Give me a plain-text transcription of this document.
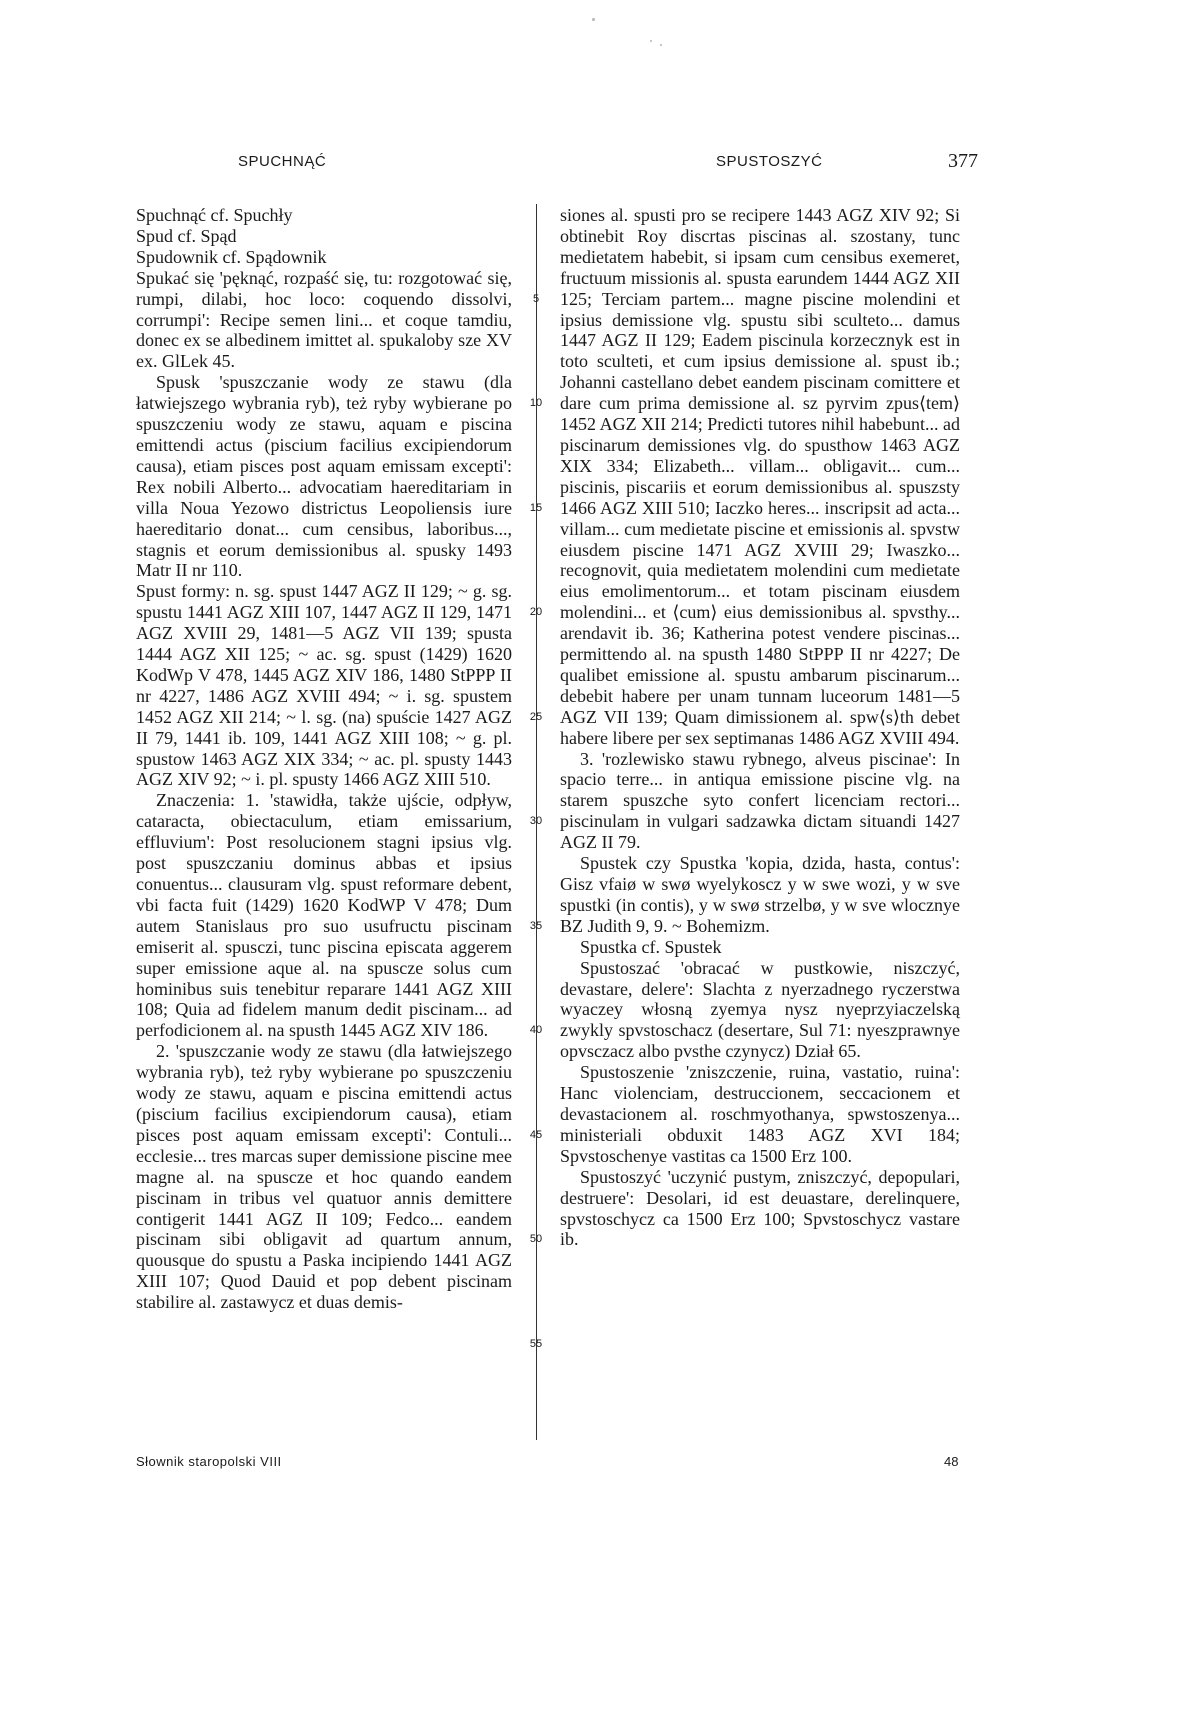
SPUCHNĄĆ	SPUSTOSZYĆ	377

Spuchnąć cf. Spuchły

Spud cf. Spąd

Spudownik cf. Spądownik

Spukać się 'pęknąć, rozpaść się, tu: rozgotować się, rumpi, dilabi, hoc loco: coquendo dissolvi, corrumpi': Recipe semen lini... et coque tamdiu, donec ex se albedinem imittet al. spukaloby sze XV ex. GlLek 45.

Spusk 'spuszczanie wody ze stawu (dla łatwiejszego wybrania ryb), też ryby wybierane po spuszczeniu wody ze stawu, aquam e piscina emittendi actus (piscium facilius excipiendorum causa), etiam pisces post aquam emissam excepti': Rex nobili Alberto... advocatiam haereditariam in villa Noua Yezowo districtus Leopoliensis iure haereditario donat... cum censibus, laboribus..., stagnis et eorum demissionibus al. spusky 1493 Matr II nr 110.

Spust formy: n. sg. spust 1447 AGZ II 129; ~ g. sg. spustu 1441 AGZ XIII 107, 1447 AGZ II 129, 1471 AGZ XVIII 29, 1481—5 AGZ VII 139; spusta 1444 AGZ XII 125; ~ ac. sg. spust (1429) 1620 KodWp V 478, 1445 AGZ XIV 186, 1480 StPPP II nr 4227, 1486 AGZ XVIII 494; ~ i. sg. spustem 1452 AGZ XII 214; ~ l. sg. (na) spuście 1427 AGZ II 79, 1441 ib. 109, 1441 AGZ XIII 108; ~ g. pl. spustow 1463 AGZ XIX 334; ~ ac. pl. spusty 1443 AGZ XIV 92; ~ i. pl. spusty 1466 AGZ XIII 510.

Znaczenia: 1. 'stawidła, także ujście, odpływ, cataracta, obiectaculum, etiam emissarium, effluvium': Post resolucionem stagni ipsius vlg. post spuszczaniu dominus abbas et ipsius conuentus... clausuram vlg. spust reformare debent, vbi facta fuit (1429) 1620 KodWP V 478; Dum autem Stanislaus pro suo usufructu piscinam emiserit al. spusczi, tunc piscina episcata aggerem super emissione aque al. na spuscze solus cum hominibus suis tenebitur reparare 1441 AGZ XIII 108; Quia ad fidelem manum dedit piscinam... ad perfodicionem al. na spusth 1445 AGZ XIV 186.

2. 'spuszczanie wody ze stawu (dla łatwiejszego wybrania ryb), też ryby wybierane po spuszczeniu wody ze stawu, aquam e piscina emittendi actus (piscium facilius excipiendorum causa), etiam pisces post aquam emissam excepti': Contuli... ecclesie... tres marcas super demissione piscine mee magne al. na spuscze et hoc quando eandem piscinam in tribus vel quatuor annis demittere contigerit 1441 AGZ II 109; Fedco... eandem piscinam sibi obligavit ad quartum annum, quousque do spustu a Paska incipiendo 1441 AGZ XIII 107; Quod Dauid et pop debent piscinam stabilire al. zastawycz et duas demis-

5
10
15
20
25
30
35
40
45
50
55

siones al. spusti pro se recipere 1443 AGZ XIV 92; Si obtinebit Roy discrtas piscinas al. szostany, tunc medietatem habebit, si ipsam cum censibus exemeret, fructuum missionis al. spusta earundem 1444 AGZ XII 125; Terciam partem... magne piscine molendini et ipsius demissione vlg. spustu sibi sculteto... damus 1447 AGZ II 129; Eadem piscinula korzecznyk est in toto sculteti, et cum ipsius demissione al. spust ib.; Johanni castellano debet eandem piscinam comittere et dare cum prima demissione al. sz pyrvim zpus⟨tem⟩ 1452 AGZ XII 214; Predicti tutores nihil habebunt... ad piscinarum demissiones vlg. do spusthow 1463 AGZ XIX 334; Elizabeth... villam... obligavit... cum... piscinis, piscariis et eorum demissionibus al. spuszsty 1466 AGZ XIII 510; Iaczko heres... inscripsit ad acta... villam... cum medietate piscine et emissionis al. spvstw eiusdem piscine 1471 AGZ XVIII 29; Iwaszko... recognovit, quia medietatem molendini cum medietate eius emolimentorum... et totam piscinam eiusdem molendini... et ⟨cum⟩ eius demissionibus al. spvsthy... arendavit ib. 36; Katherina potest vendere piscinas... permittendo al. na spusth 1480 StPPP II nr 4227; De qualibet emissione al. spustu ambarum piscinarum... debebit habere per unam tunnam luceorum 1481—5 AGZ VII 139; Quam dimissionem al. spw⟨s⟩th debet habere libere per sex septimanas 1486 AGZ XVIII 494.

3. 'rozlewisko stawu rybnego, alveus piscinae': In spacio terre... in antiqua emissione piscine vlg. na starem spuszche syto confert licenciam rectori... piscinulam in vulgari sadzawka dictam situandi 1427 AGZ II 79.

Spustek czy Spustka 'kopia, dzida, hasta, contus': Gisz vfaiø w swø wyelykoscz y w swe wozi, y w sve spustki (in contis), y w swø strzelbø, y w sve wlocznye BZ Judith 9, 9. ~ Bohemizm.

Spustka cf. Spustek

Spustoszać 'obracać w pustkowie, niszczyć, devastare, delere': Slachta z nyerzadnego ryczerstwa wyaczey włosną zyemya nysz nyeprzyiaczelską zwykly spvstoschacz (desertare, Sul 71: nyeszprawnye opvsczacz albo pvsthe czynycz) Dział 65.

Spustoszenie 'zniszczenie, ruina, vastatio, ruina': Hanc violenciam, destruccionem, seccacionem et devastacionem al. roschmyothanya, spwstoszenya... ministeriali obduxit 1483 AGZ XVI 184; Spvstoschenye vastitas ca 1500 Erz 100.

Spustoszyć 'uczynić pustym, zniszczyć, depopulari, destruere': Desolari, id est deuastare, derelinquere, spvstoschycz ca 1500 Erz 100; Spvstoschycz vastare ib.

Słownik staropolski VIII	48
